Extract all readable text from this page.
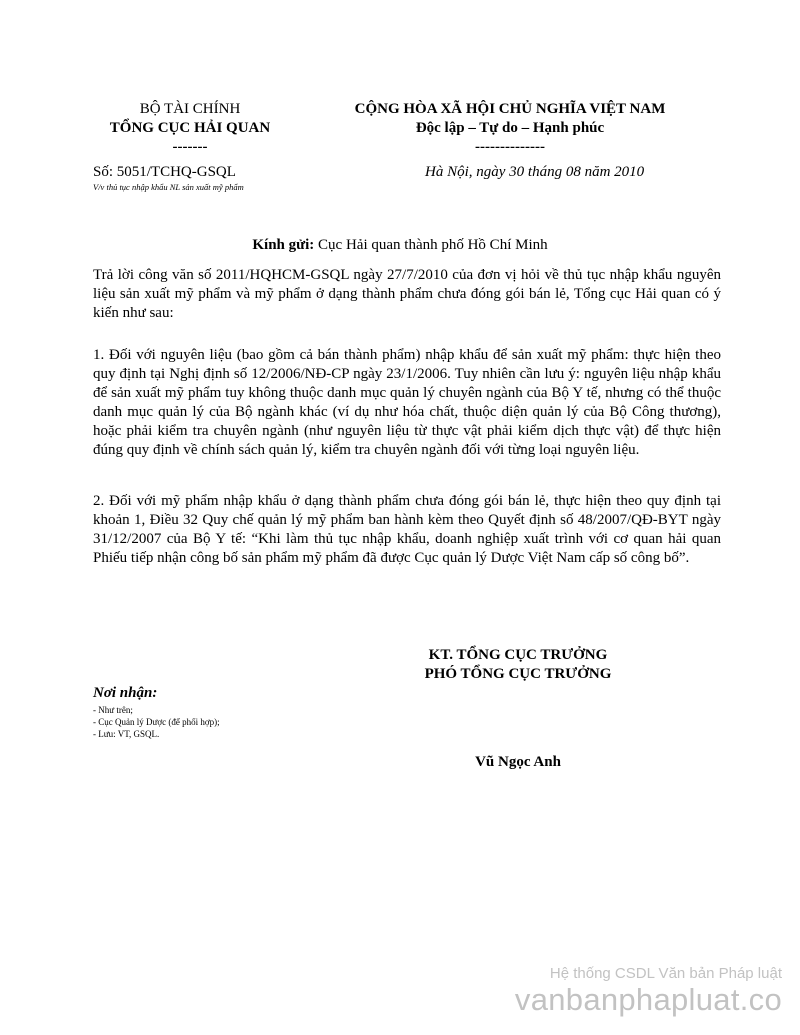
BỘ TÀI CHÍNH
TỔNG CỤC HẢI QUAN
-------
CỘNG HÒA XÃ HỘI CHỦ NGHĨA VIỆT NAM
Độc lập – Tự do – Hạnh phúc
--------------
Số: 5051/TCHQ-GSQL
V/v thủ tục nhập khẩu NL sản xuất mỹ phẩm
Hà Nội, ngày 30 tháng 08 năm 2010
Kính gửi: Cục Hải quan thành phố Hồ Chí Minh

Trả lời công văn số 2011/HQHCM-GSQL ngày 27/7/2010 của đơn vị hỏi về thủ tục nhập khẩu nguyên liệu sản xuất mỹ phẩm và mỹ phẩm ở dạng thành phẩm chưa đóng gói bán lẻ, Tổng cục Hải quan có ý kiến như sau:

1. Đối với nguyên liệu (bao gồm cả bán thành phẩm) nhập khẩu để sản xuất mỹ phẩm: thực hiện theo quy định tại Nghị định số 12/2006/NĐ-CP ngày 23/1/2006. Tuy nhiên cần lưu ý: nguyên liệu nhập khẩu để sản xuất mỹ phẩm tuy không thuộc danh mục quản lý chuyên ngành của Bộ Y tế, nhưng có thể thuộc danh mục quản lý của Bộ ngành khác (ví dụ như hóa chất, thuộc diện quản lý của Bộ Công thương), hoặc phải kiểm tra chuyên ngành (như nguyên liệu từ thực vật phải kiểm dịch thực vật) để thực hiện đúng quy định về chính sách quản lý, kiểm tra chuyên ngành đối với từng loại nguyên liệu.

2. Đối với mỹ phẩm nhập khẩu ở dạng thành phẩm chưa đóng gói bán lẻ, thực hiện theo quy định tại khoản 1, Điều 32 Quy chế quản lý mỹ phẩm ban hành kèm theo Quyết định số 48/2007/QĐ-BYT ngày 31/12/2007 của Bộ Y tế: “Khi làm thủ tục nhập khẩu, doanh nghiệp xuất trình với cơ quan hải quan Phiếu tiếp nhận công bố sản phẩm mỹ phẩm đã được Cục quản lý Dược Việt Nam cấp số công bố”.

KT. TỔNG CỤC TRƯỞNG
PHÓ TỔNG CỤC TRƯỞNG
Nơi nhận:
- Như trên;
- Cục Quản lý Dược (để phối hợp);
- Lưu: VT, GSQL.
Vũ Ngọc Anh
Hệ thống CSDL Văn bản Pháp luật
vanbanphapluat.co
